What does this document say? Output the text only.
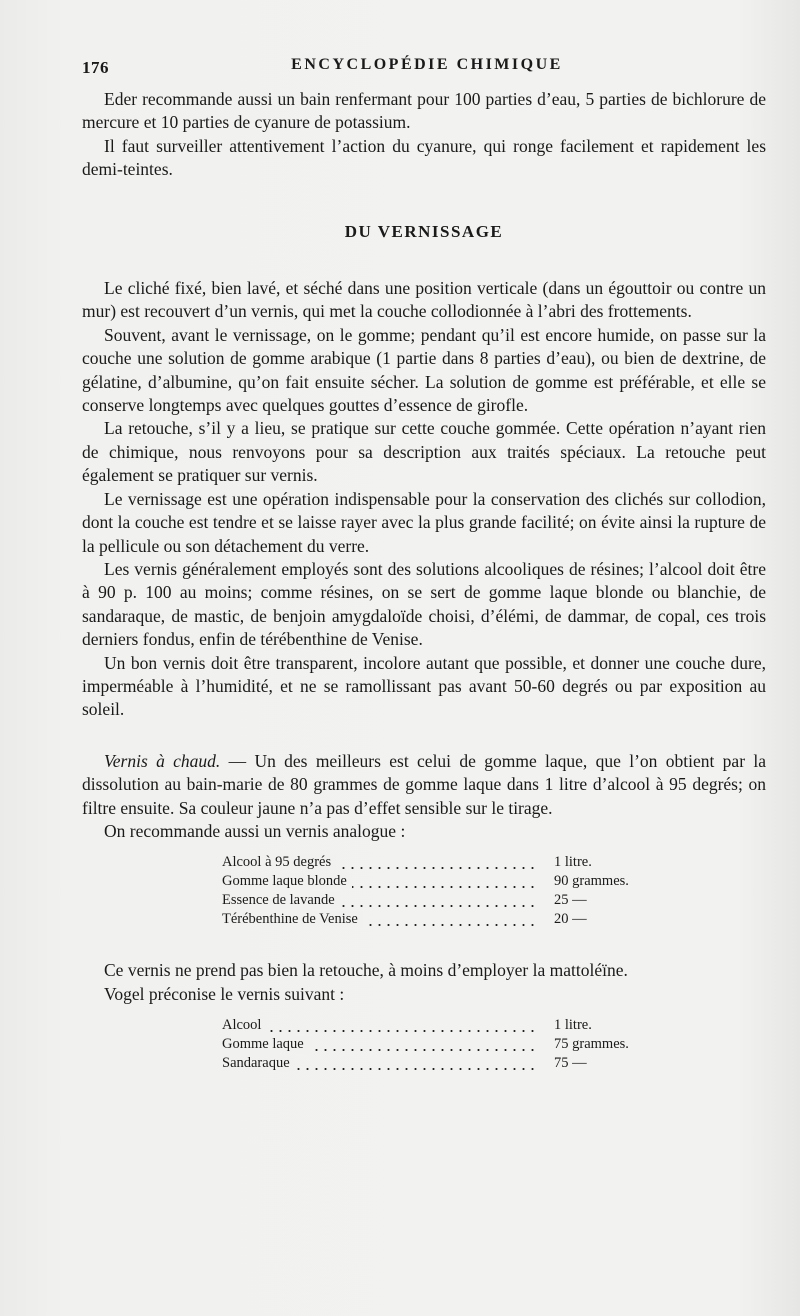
176	ENCYCLOPÉDIE CHIMIQUE

Eder recommande aussi un bain renfermant pour 100 parties d’eau, 5 parties de bichlorure de mercure et 10 parties de cyanure de potassium.

Il faut surveiller attentivement l’action du cyanure, qui ronge facilement et rapidement les demi-teintes.

DU VERNISSAGE

Le cliché fixé, bien lavé, et séché dans une position verticale (dans un égouttoir ou contre un mur) est recouvert d’un vernis, qui met la couche collodionnée à l’abri des frottements.

Souvent, avant le vernissage, on le gomme; pendant qu’il est encore humide, on passe sur la couche une solution de gomme arabique (1 partie dans 8 parties d’eau), ou bien de dextrine, de gélatine, d’albumine, qu’on fait ensuite sécher. La solution de gomme est préférable, et elle se conserve longtemps avec quelques gouttes d’essence de girofle.

La retouche, s’il y a lieu, se pratique sur cette couche gommée. Cette opération n’ayant rien de chimique, nous renvoyons pour sa description aux traités spéciaux. La retouche peut également se pratiquer sur vernis.

Le vernissage est une opération indispensable pour la conservation des clichés sur collodion, dont la couche est tendre et se laisse rayer avec la plus grande facilité; on évite ainsi la rupture de la pellicule ou son détachement du verre.

Les vernis généralement employés sont des solutions alcooliques de résines; l’alcool doit être à 90 p. 100 au moins; comme résines, on se sert de gomme laque blonde ou blanchie, de sandaraque, de mastic, de benjoin amygdaloïde choisi, d’élémi, de dammar, de copal, ces trois derniers fondus, enfin de térébenthine de Venise.

Un bon vernis doit être transparent, incolore autant que possible, et donner une couche dure, imperméable à l’humidité, et ne se ramollissant pas avant 50-60 degrés ou par exposition au soleil.

Vernis à chaud. — Un des meilleurs est celui de gomme laque, que l’on obtient par la dissolution au bain-marie de 80 grammes de gomme laque dans 1 litre d’alcool à 95 degrés; on filtre ensuite. Sa couleur jaune n’a pas d’effet sensible sur le tirage.

On recommande aussi un vernis analogue :

Alcool à 95 degrés	1 litre.
Gomme laque blonde	90 grammes.
Essence de lavande	25 —
Térébenthine de Venise	20 —

Ce vernis ne prend pas bien la retouche, à moins d’employer la mattoléïne.

Vogel préconise le vernis suivant :

Alcool	1 litre.
Gomme laque	75 grammes.
Sandaraque	75 —
